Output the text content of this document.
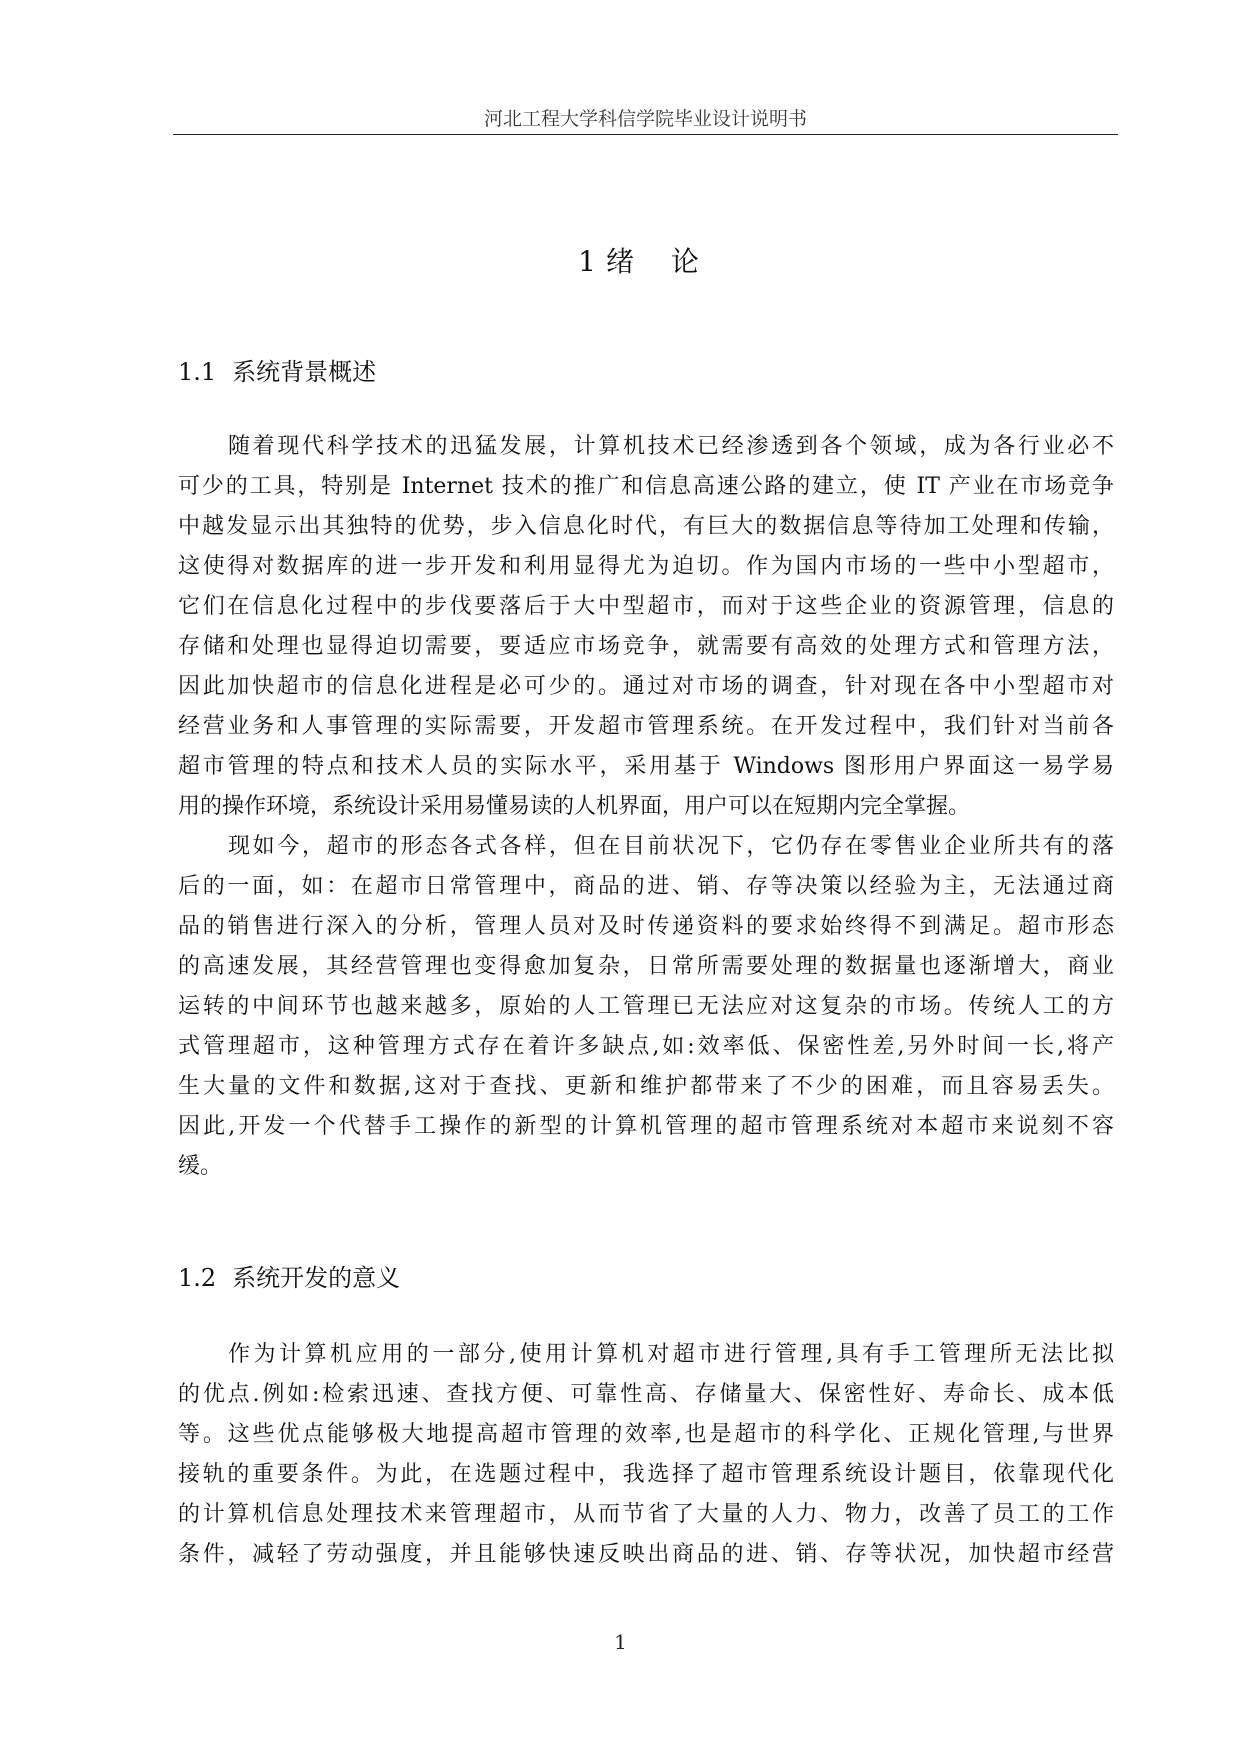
河北工程大学科信学院毕业设计说明书
1 绪 论
1.1 系统背景概述

随着现代科学技术的迅猛发展，计算机技术已经渗透到各个领域，成为各行业必不
可少的工具，特别是 Internet 技术的推广和信息高速公路的建立，使 IT 产业在市场竞争
中越发显示出其独特的优势，步入信息化时代，有巨大的数据信息等待加工处理和传输，
这使得对数据库的进一步开发和利用显得尤为迫切。作为国内市场的一些中小型超市，
它们在信息化过程中的步伐要落后于大中型超市，而对于这些企业的资源管理，信息的
存储和处理也显得迫切需要，要适应市场竞争，就需要有高效的处理方式和管理方法，
因此加快超市的信息化进程是必可少的。通过对市场的调查，针对现在各中小型超市对
经营业务和人事管理的实际需要，开发超市管理系统。在开发过程中，我们针对当前各
超市管理的特点和技术人员的实际水平，采用基于 Windows 图形用户界面这一易学易
用的操作环境，系统设计采用易懂易读的人机界面，用户可以在短期内完全掌握。

现如今，超市的形态各式各样，但在目前状况下，它仍存在零售业企业所共有的落
后的一面，如：在超市日常管理中，商品的进、销、存等决策以经验为主，无法通过商
品的销售进行深入的分析，管理人员对及时传递资料的要求始终得不到满足。超市形态
的高速发展，其经营管理也变得愈加复杂，日常所需要处理的数据量也逐渐增大，商业
运转的中间环节也越来越多，原始的人工管理已无法应对这复杂的市场。传统人工的方
式管理超市，这种管理方式存在着许多缺点,如:效率低、保密性差,另外时间一长,将产
生大量的文件和数据,这对于查找、更新和维护都带来了不少的困难，而且容易丢失。
因此,开发一个代替手工操作的新型的计算机管理的超市管理系统对本超市来说刻不容
缓。

1.2 系统开发的意义

作为计算机应用的一部分,使用计算机对超市进行管理,具有手工管理所无法比拟
的优点.例如:检索迅速、查找方便、可靠性高、存储量大、保密性好、寿命长、成本低
等。这些优点能够极大地提高超市管理的效率,也是超市的科学化、正规化管理,与世界
接轨的重要条件。为此，在选题过程中，我选择了超市管理系统设计题目，依靠现代化
的计算机信息处理技术来管理超市，从而节省了大量的人力、物力，改善了员工的工作
条件，减轻了劳动强度，并且能够快速反映出商品的进、销、存等状况，加快超市经营

1
